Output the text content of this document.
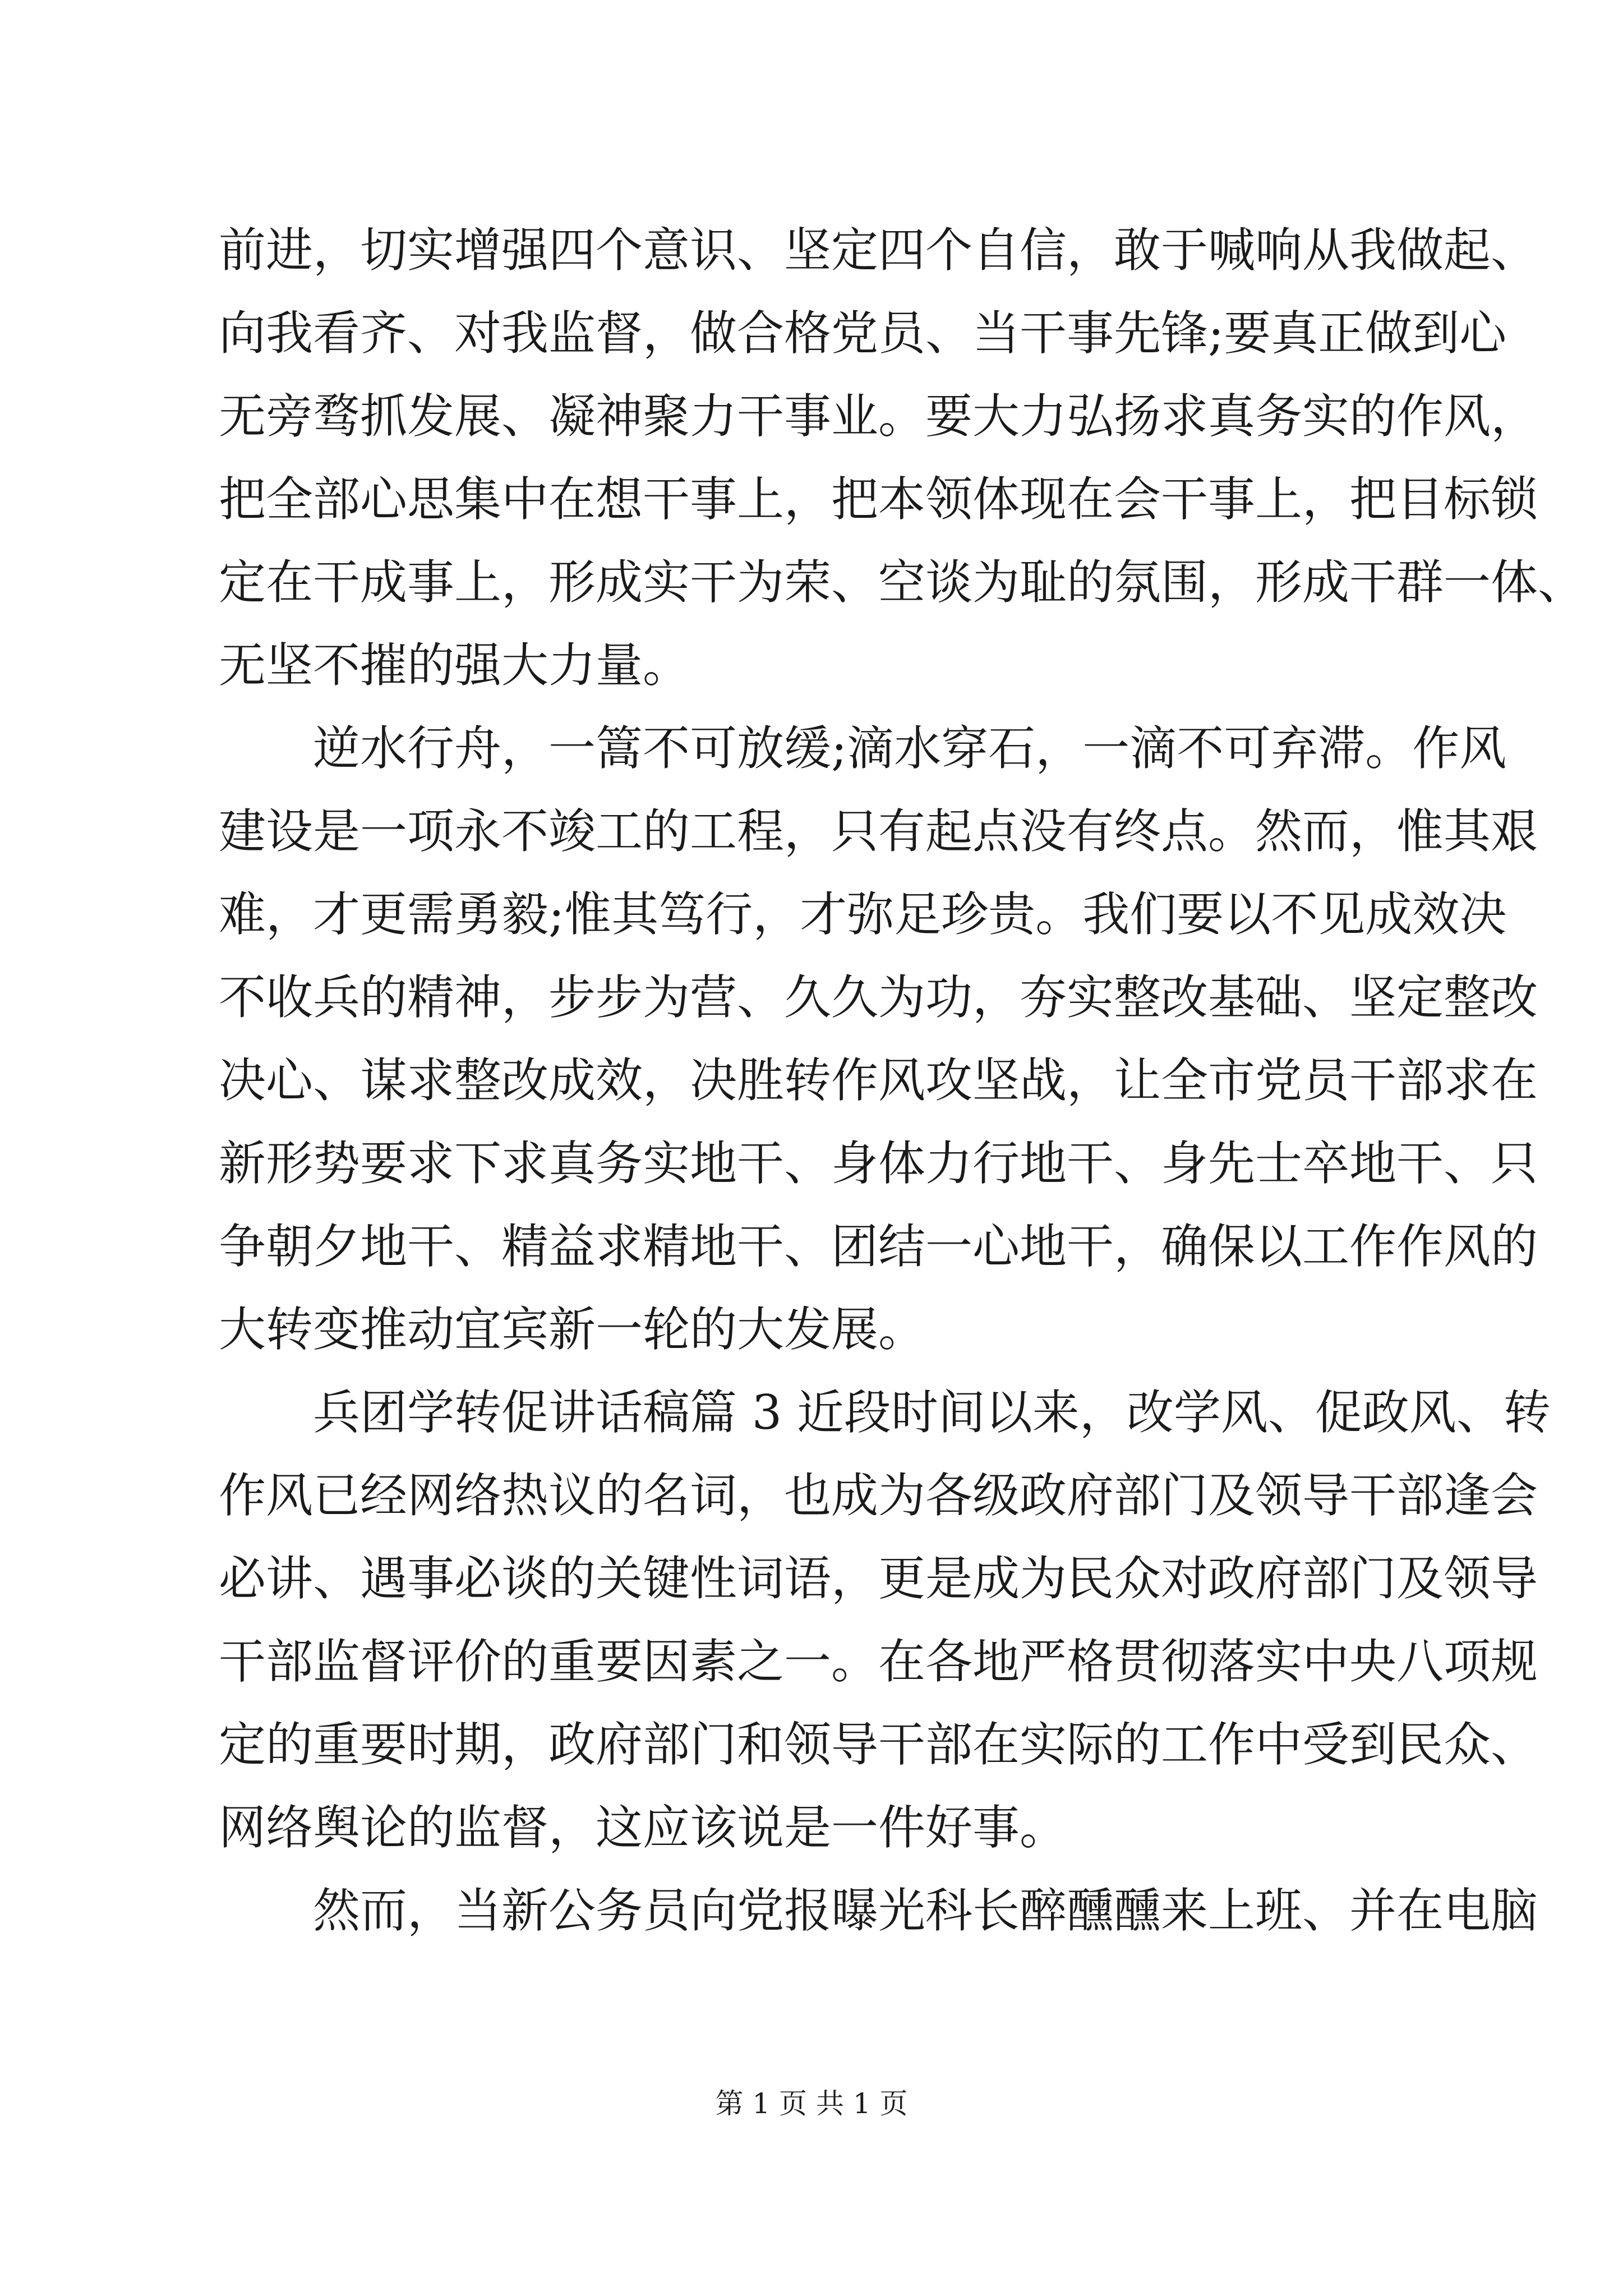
前进，切实增强四个意识、坚定四个自信，敢于喊响从我做起、
向我看齐、对我监督，做合格党员、当干事先锋;要真正做到心
无旁骛抓发展、凝神聚力干事业。要大力弘扬求真务实的作风，
把全部心思集中在想干事上，把本领体现在会干事上，把目标锁
定在干成事上，形成实干为荣、空谈为耻的氛围，形成干群一体、
无坚不摧的强大力量。
　　逆水行舟，一篙不可放缓;滴水穿石，一滴不可弃滞。作风
建设是一项永不竣工的工程，只有起点没有终点。然而，惟其艰
难，才更需勇毅;惟其笃行，才弥足珍贵。我们要以不见成效决
不收兵的精神，步步为营、久久为功，夯实整改基础、坚定整改
决心、谋求整改成效，决胜转作风攻坚战，让全市党员干部求在
新形势要求下求真务实地干、身体力行地干、身先士卒地干、只
争朝夕地干、精益求精地干、团结一心地干，确保以工作作风的
大转变推动宜宾新一轮的大发展。
　　兵团学转促讲话稿篇 3 近段时间以来，改学风、促政风、转
作风已经网络热议的名词，也成为各级政府部门及领导干部逢会
必讲、遇事必谈的关键性词语，更是成为民众对政府部门及领导
干部监督评价的重要因素之一。在各地严格贯彻落实中央八项规
定的重要时期，政府部门和领导干部在实际的工作中受到民众、
网络舆论的监督，这应该说是一件好事。
　　然而，当新公务员向党报曝光科长醉醺醺来上班、并在电脑
第 1 页 共 1 页
